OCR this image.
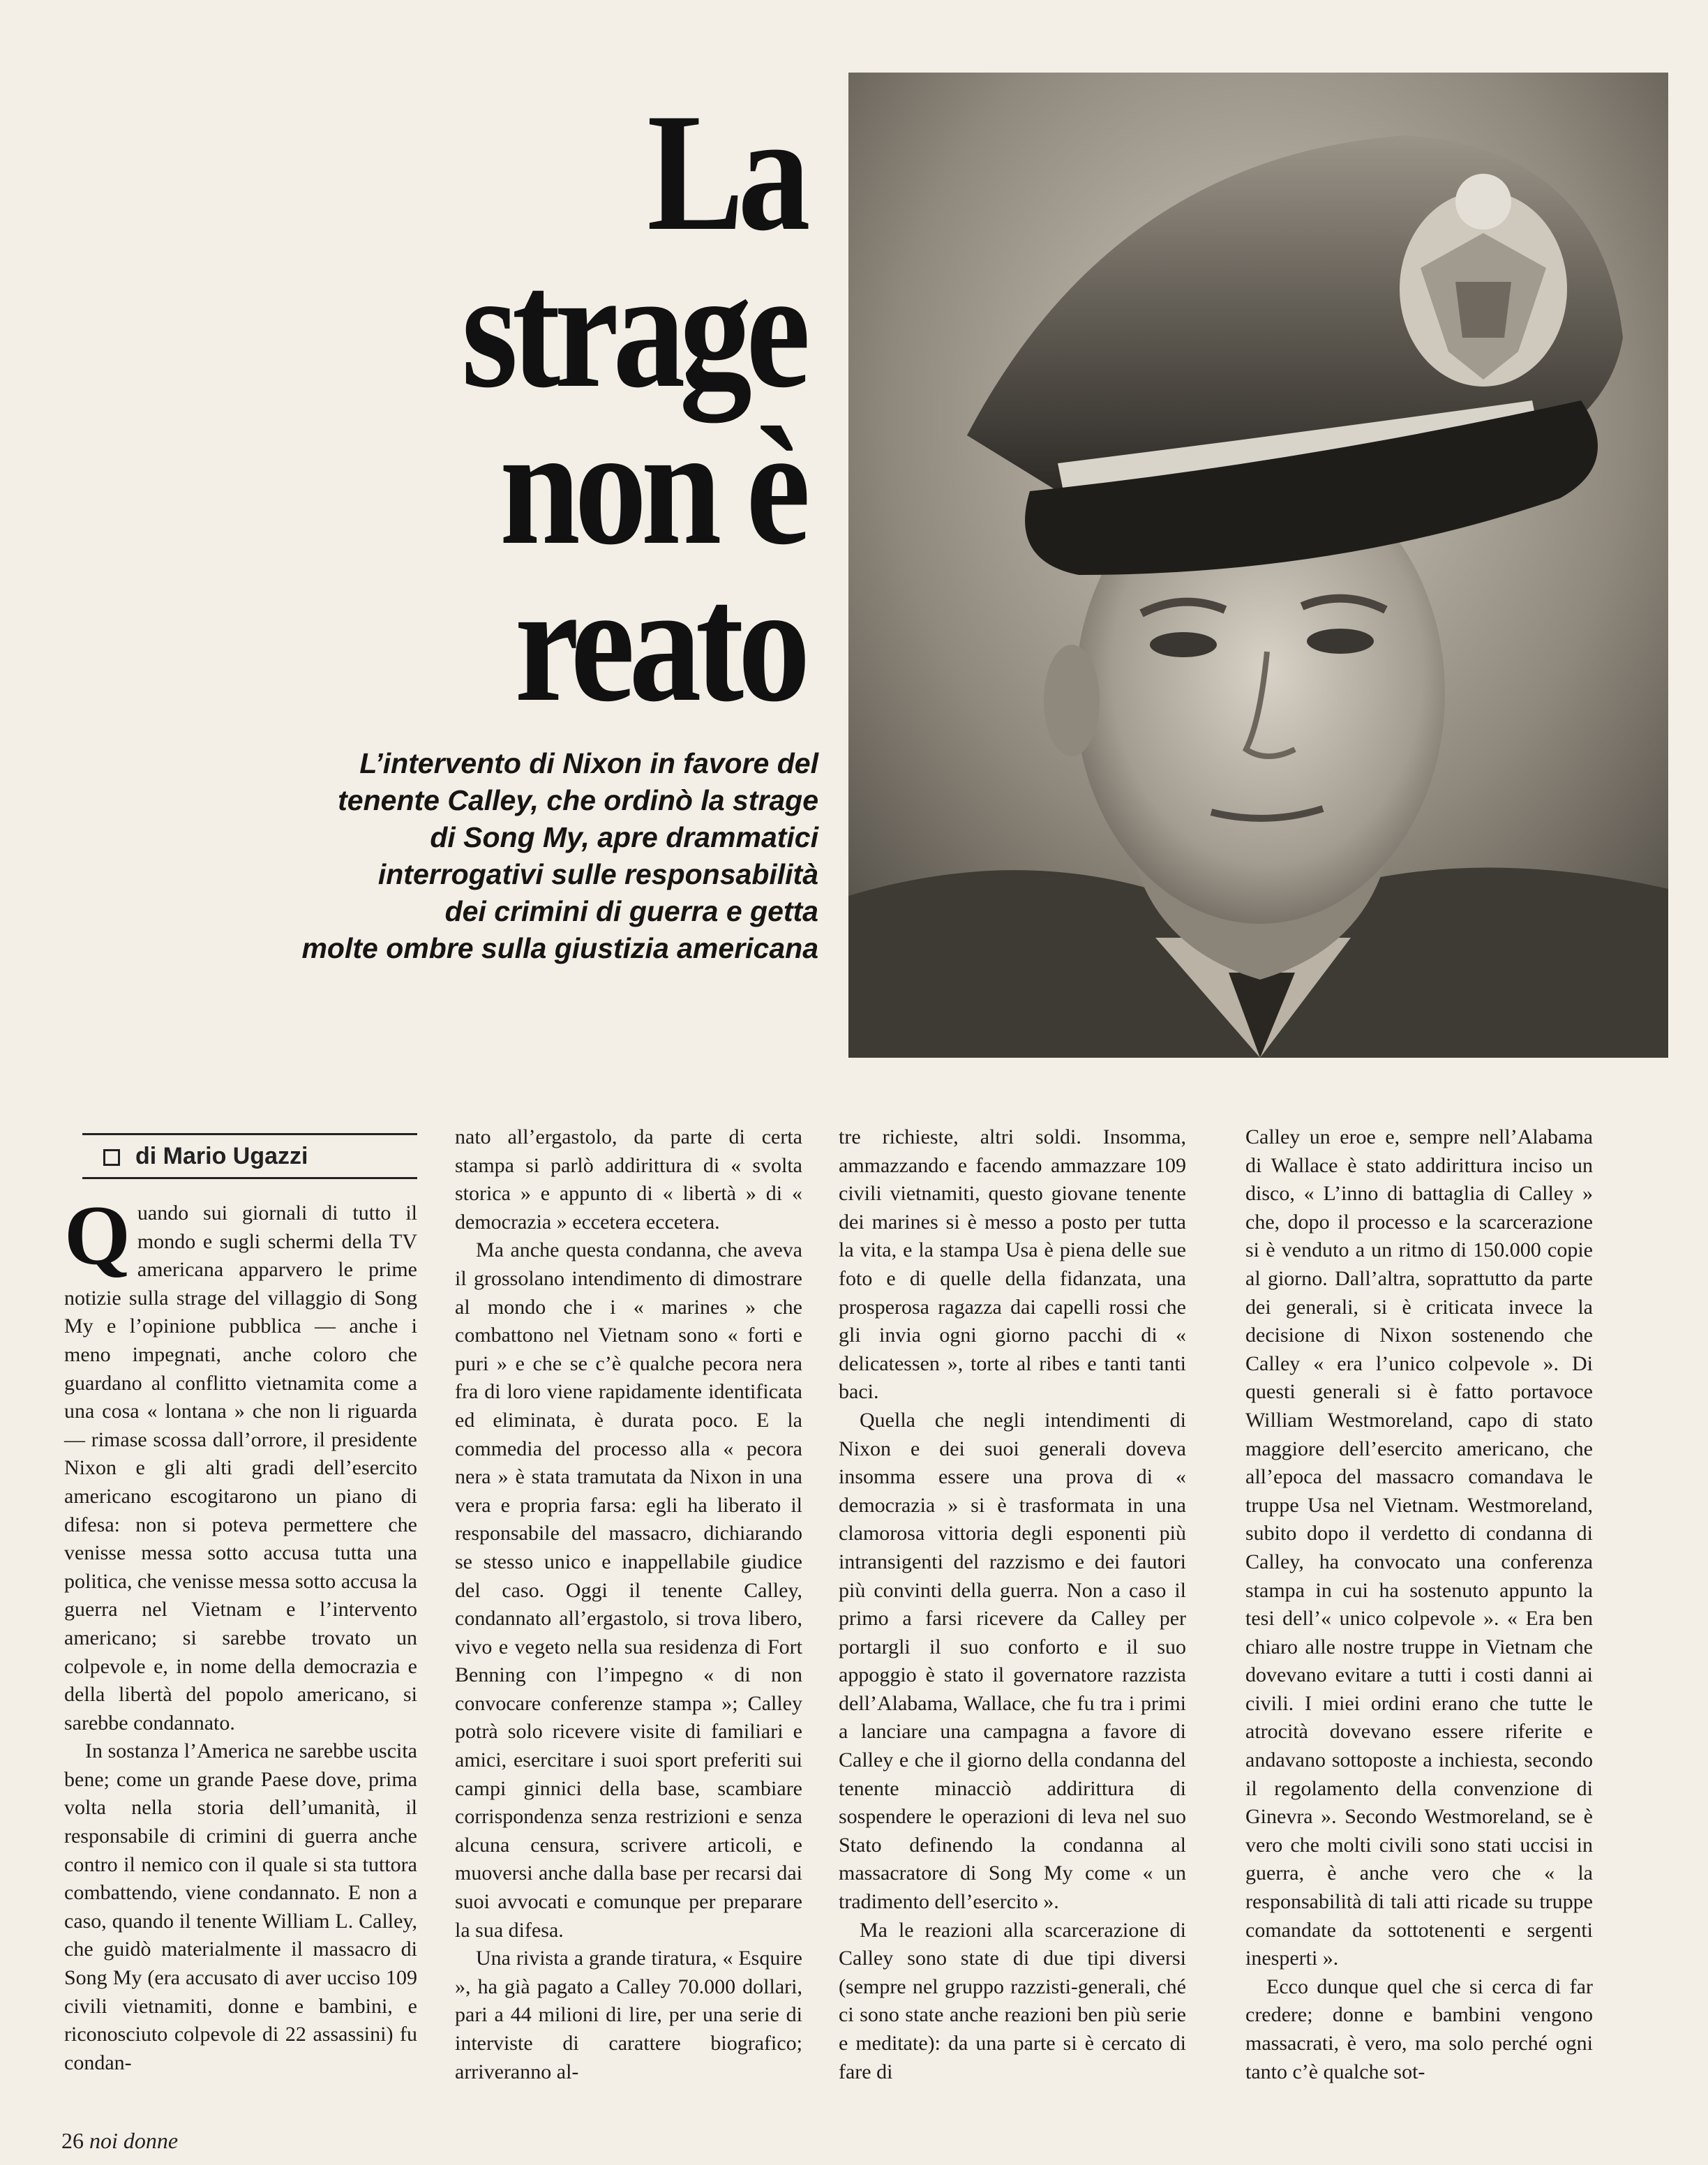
La
strage
non è
reato
L’intervento di Nixon in favore del
tenente Calley, che ordinò la strage
di Song My, apre drammatici
interrogativi sulle responsabilità
dei crimini di guerra e getta
molte ombre sulla giustizia americana
di Mario Ugazzi
Q uando sui giornali di tutto il mondo e sugli schermi della TV americana apparvero le prime notizie sulla strage del villaggio di Song My e l’opinione pubblica — anche i meno impegnati, anche coloro che guardano al conflitto vietnamita come a una cosa « lontana » che non li riguarda — rimase scossa dall’orrore, il presidente Nixon e gli alti gradi dell’esercito americano escogitarono un piano di difesa: non si poteva permettere che venisse messa sotto accusa tutta una politica, che venisse messa sotto accusa la guerra nel Vietnam e l’intervento americano; si sarebbe trovato un colpevole e, in nome della democrazia e della libertà del popolo americano, si sarebbe condannato.

In sostanza l’America ne sarebbe uscita bene; come un grande Paese dove, prima volta nella storia dell’umanità, il responsabile di crimini di guerra anche contro il nemico con il quale si sta tuttora combattendo, viene condannato. E non a caso, quando il tenente William L. Calley, che guidò materialmente il massacro di Song My (era accusato di aver ucciso 109 civili vietnamiti, donne e bambini, e riconosciuto colpevole di 22 assassini) fu condan-

nato all’ergastolo, da parte di certa stampa si parlò addirittura di « svolta storica » e appunto di « libertà » di « democrazia » eccetera eccetera.

Ma anche questa condanna, che aveva il grossolano intendimento di dimostrare al mondo che i « marines » che combattono nel Vietnam sono « forti e puri » e che se c’è qualche pecora nera fra di loro viene rapidamente identificata ed eliminata, è durata poco. E la commedia del processo alla « pecora nera » è stata tramutata da Nixon in una vera e propria farsa: egli ha liberato il responsabile del massacro, dichiarando se stesso unico e inappellabile giudice del caso. Oggi il tenente Calley, condannato all’ergastolo, si trova libero, vivo e vegeto nella sua residenza di Fort Benning con l’impegno « di non convocare conferenze stampa »; Calley potrà solo ricevere visite di familiari e amici, esercitare i suoi sport preferiti sui campi ginnici della base, scambiare corrispondenza senza restrizioni e senza alcuna censura, scrivere articoli, e muoversi anche dalla base per recarsi dai suoi avvocati e comunque per preparare la sua difesa.

Una rivista a grande tiratura, « Esquire », ha già pagato a Calley 70.000 dollari, pari a 44 milioni di lire, per una serie di interviste di carattere biografico; arriveranno al-

tre richieste, altri soldi. Insomma, ammazzando e facendo ammazzare 109 civili vietnamiti, questo giovane tenente dei marines si è messo a posto per tutta la vita, e la stampa Usa è piena delle sue foto e di quelle della fidanzata, una prosperosa ragazza dai capelli rossi che gli invia ogni giorno pacchi di « delicatessen », torte al ribes e tanti tanti baci.

Quella che negli intendimenti di Nixon e dei suoi generali doveva insomma essere una prova di « democrazia » si è trasformata in una clamorosa vittoria degli esponenti più intransigenti del razzismo e dei fautori più convinti della guerra. Non a caso il primo a farsi ricevere da Calley per portargli il suo conforto e il suo appoggio è stato il governatore razzista dell’Alabama, Wallace, che fu tra i primi a lanciare una campagna a favore di Calley e che il giorno della condanna del tenente minacciò addirittura di sospendere le operazioni di leva nel suo Stato definendo la condanna al massacratore di Song My come « un tradimento dell’esercito ».

Ma le reazioni alla scarcerazione di Calley sono state di due tipi diversi (sempre nel gruppo razzisti-generali, ché ci sono state anche reazioni ben più serie e meditate): da una parte si è cercato di fare di

Calley un eroe e, sempre nell’Alabama di Wallace è stato addirittura inciso un disco, « L’inno di battaglia di Calley » che, dopo il processo e la scarcerazione si è venduto a un ritmo di 150.000 copie al giorno. Dall’altra, soprattutto da parte dei generali, si è criticata invece la decisione di Nixon sostenendo che Calley « era l’unico colpevole ». Di questi generali si è fatto portavoce William Westmoreland, capo di stato maggiore dell’esercito americano, che all’epoca del massacro comandava le truppe Usa nel Vietnam. Westmoreland, subito dopo il verdetto di condanna di Calley, ha convocato una conferenza stampa in cui ha sostenuto appunto la tesi dell’« unico colpevole ». « Era ben chiaro alle nostre truppe in Vietnam che dovevano evitare a tutti i costi danni ai civili. I miei ordini erano che tutte le atrocità dovevano essere riferite e andavano sottoposte a inchiesta, secondo il regolamento della convenzione di Ginevra ». Secondo Westmoreland, se è vero che molti civili sono stati uccisi in guerra, è anche vero che « la responsabilità di tali atti ricade su truppe comandate da sottotenenti e sergenti inesperti ».

Ecco dunque quel che si cerca di far credere; donne e bambini vengono massacrati, è vero, ma solo perché ogni tanto c’è qualche sot-

26 noi donne
